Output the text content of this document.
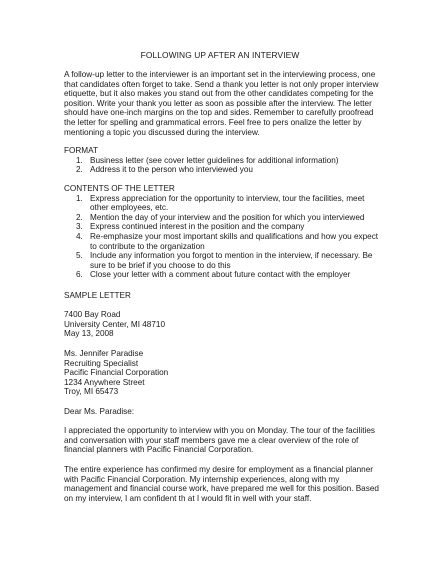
FOLLOWING UP AFTER AN INTERVIEW
A follow-up letter to the interviewer is an important set in the interviewing process, one
that candidates often forget to take. Send a thank you letter is not only proper interview
etiquette, but it also makes you stand out from the other candidates competing for the
position. Write your thank you letter as soon as possible after the interview. The letter
should have one-inch margins on the top and sides. Remember to carefully proofread
the letter for spelling and grammatical errors. Feel free to pers onalize the letter by
mentioning a topic you discussed during the interview.
FORMAT
1. Business letter (see cover letter guidelines for additional information)
2. Address it to the person who interviewed you
CONTENTS OF THE LETTER
1. Express appreciation for the opportunity to interview, tour the facilities, meet
other employees, etc.
2. Mention the day of your interview and the position for which you interviewed
3. Express continued interest in the position and the company
4. Re-emphasize your most important skills and qualifications and how you expect
to contribute to the organization
5. Include any information you forgot to mention in the interview, if necessary. Be
sure to be brief if you choose to do this
6. Close your letter with a comment about future contact with the employer
SAMPLE LETTER
7400 Bay Road
University Center, MI 48710
May 13, 2008
Ms. Jennifer Paradise
Recruiting Specialist
Pacific Financial Corporation
1234 Anywhere Street
Troy, MI 65473
Dear Ms. Paradise:
I appreciated the opportunity to interview with you on Monday. The tour of the facilities
and conversation with your staff members gave me a clear overview of the role of
financial planners with Pacific Financial Corporation.
The entire experience has confirmed my desire for employment as a financial planner
with Pacific Financial Corporation. My internship experiences, along with my
management and financial course work, have prepared me well for this position. Based
on my interview, I am confident th at I would fit in well with your staff.
